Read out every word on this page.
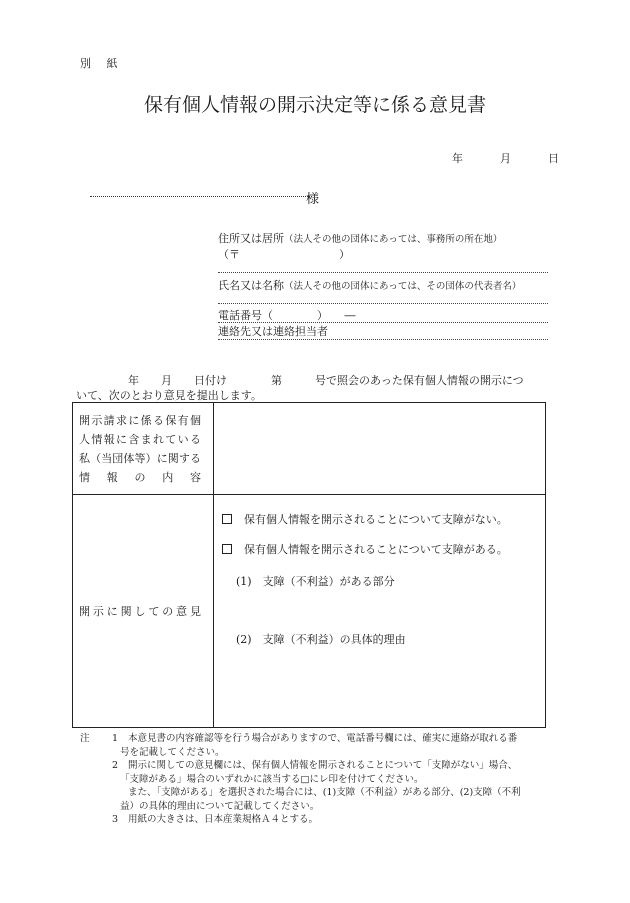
別 紙
保有個人情報の開示決定等に係る意見書
年	月	日
様
住所又は居所（法人その他の団体にあっては、事務所の所在地）
（〒　　　　　　　　　）
氏名又は名称（法人その他の団体にあっては、その団体の代表者名）
電話番号（　　　　）　　―
連絡先又は連絡担当者
年　　月　　日付け　　　　第　　　号で照会のあった保有個人情報の開示につ
いて、次のとおり意見を提出します。
開示請求に係る保有個
人情報に含まれている
私（当団体等）に関する
情　報　の　内　容	

開示に関しての意見	保有個人情報を開示されることについて支障がない。
保有個人情報を開示されることについて支障がある。
(1)　支障（不利益）がある部分
(2)　支障（不利益）の具体的理由
注 1 本意見書の内容確認等を行う場合がありますので、電話番号欄には、確実に連絡が取れる番
号を記載してください。

2 開示に関しての意見欄には、保有個人情報を開示されることについて「支障がない」場合、

「支障がある」場合のいずれかに該当する□にレ印を付けてください。

また、「支障がある」を選択された場合には、(1)支障（不利益）がある部分、(2)支障（不利

益）の具体的理由について記載してください。

3 用紙の大きさは、日本産業規格Ａ４とする。
